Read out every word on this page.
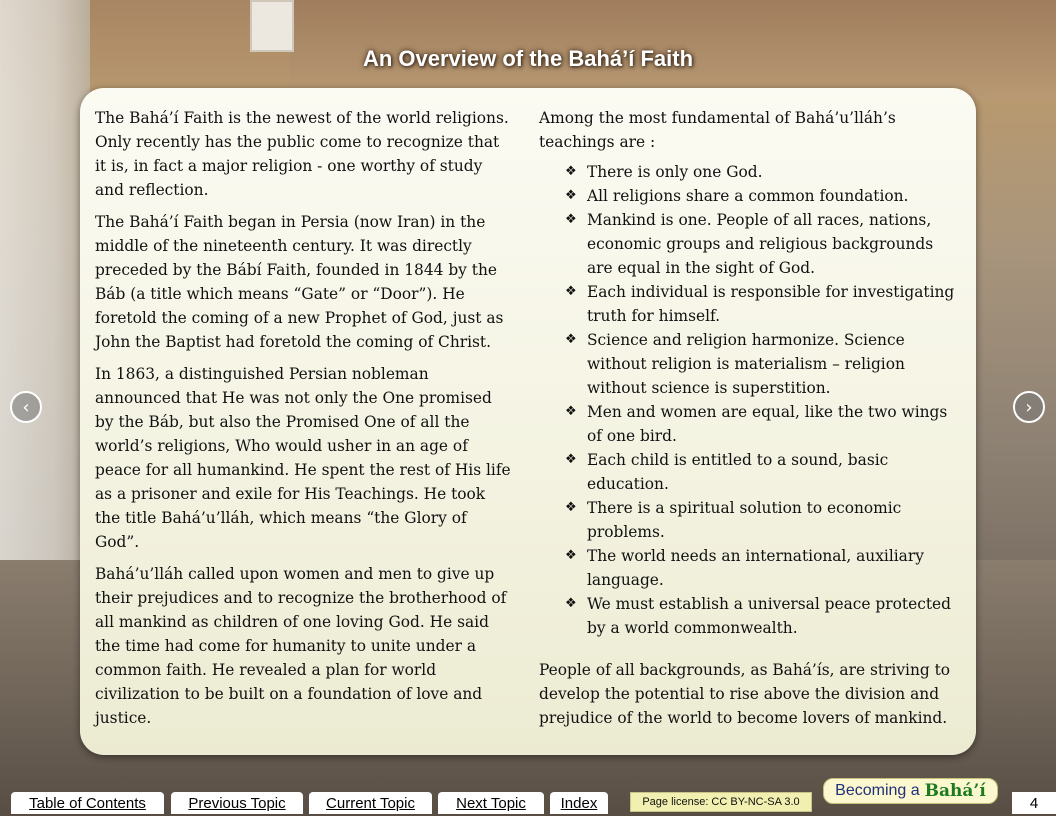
An Overview of the Bahá’í Faith

The Bahá’í Faith is the newest of the world religions. Only recently has the public come to recognize that it is, in fact a major religion - one worthy of study and reflection.

The Bahá’í Faith began in Persia (now Iran) in the middle of the nineteenth century. It was directly preceded by the Bábí Faith, founded in 1844 by the Báb (a title which means “Gate” or “Door”). He foretold the coming of a new Prophet of God, just as John the Baptist had foretold the coming of Christ.

In 1863, a distinguished Persian nobleman announced that He was not only the One promised by the Báb, but also the Promised One of all the world’s religions, Who would usher in an age of peace for all humankind. He spent the rest of His life as a prisoner and exile for His Teachings. He took the title Bahá’u’lláh, which means “the Glory of God”.

Bahá’u’lláh called upon women and men to give up their prejudices and to recognize the brotherhood of all mankind as children of one loving God. He said the time had come for humanity to unite under a common faith. He revealed a plan for world civilization to be built on a foundation of love and justice.

Among the most fundamental of Bahá’u’lláh’s teachings are :

❖ There is only one God.
❖ All religions share a common foundation.
❖ Mankind is one. People of all races, nations, economic groups and religious backgrounds are equal in the sight of God.
❖ Each individual is responsible for investigating truth for himself.
❖ Science and religion harmonize. Science without religion is materialism – religion without science is superstition.
❖ Men and women are equal, like the two wings of one bird.
❖ Each child is entitled to a sound, basic education.
❖ There is a spiritual solution to economic problems.
❖ The world needs an international, auxiliary language.
❖ We must establish a universal peace protected by a world commonwealth.

People of all backgrounds, as Bahá’ís, are striving to develop the potential to rise above the division and prejudice of the world to become lovers of mankind.

‹	›
Table of Contents	Previous Topic	Current Topic	Next Topic	Index	Page license: CC BY-NC-SA 3.0
Becoming a Bahá’í
4
